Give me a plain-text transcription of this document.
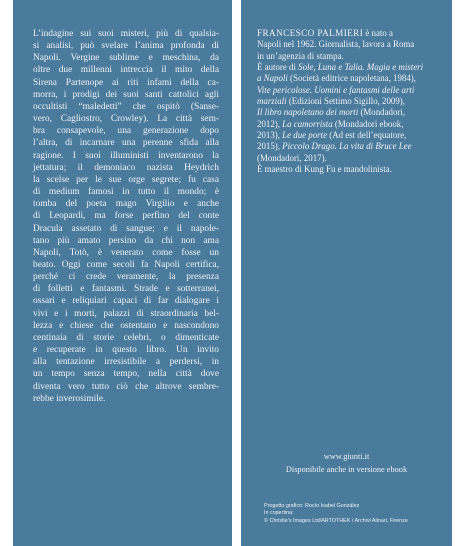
L’indagine sui suoi misteri, più di qualsia-
si analisi, può svelare l’anima profonda di
Napoli. Vergine sublime e meschina, da
oltre due millenni intreccia il mito della
Sirena Partenope ai riti infami della ca-
morra, i prodigi dei suoi santi cattolici agli
occultisti “maledetti” che ospitò (Sanse-
vero, Cagliostro, Crowley). La città sem-
bra consapevole, una generazione dopo
l’altra, di incarnare una perenne sfida alla
ragione. I suoi illuministi inventarono la
jettatura; il demoniaco nazista Heydrich
la scelse per le sue orge segrete; fu casa
di medium famosi in tutto il mondo; è
tomba del poeta mago Virgilio e anche
di Leopardi, ma forse perfino del conte
Dracula assetato di sangue; e il napole-
tano più amato persino da chi non ama
Napoli, Totò, è venerato come fosse un
beato. Oggi come secoli fa Napoli certifica,
perché ci crede veramente, la presenza
di folletti e fantasmi. Strade e sotterranei,
ossari e reliquiari capaci di far dialogare i
vivi e i morti, palazzi di straordinaria bel-
lezza e chiese che ostentano e nascondono
centinaia di storie celebri, o dimenticate
e recuperate in questo libro. Un invito
alla tentazione irresistibile a perdersi, in
un tempo senza tempo, nella città dove
diventa vero tutto ciò che altrove sembre-
rebbe inverosimile.

FRANCESCO PALMIERI è nato a
Napoli nel 1962. Giornalista, lavora a Roma
in un’agenzia di stampa.
È autore di Sole, Luna e Talia. Magia e misteri
a Napoli (Società editrice napoletana, 1984),
Vite pericolose. Uomini e fantasmi delle arti
marziali (Edizioni Settimo Sigillo, 2009),
Il libro napoletano dei morti (Mondadori,
2012), La camorrista (Mondadori ebook,
2013), Le due porte (Ad est dell’equatore,
2015), Piccolo Drago. La vita di Bruce Lee
(Mondadori, 2017).
È maestro di Kung Fu e mandolinista.

www.giunti.it
Disponibile anche in versione ebook
Progetto grafico: Rocío Isabel González
In copertina:
© Christie’s Images Ltd/ARTOTHEK / Archivi Alinari, Firenze
